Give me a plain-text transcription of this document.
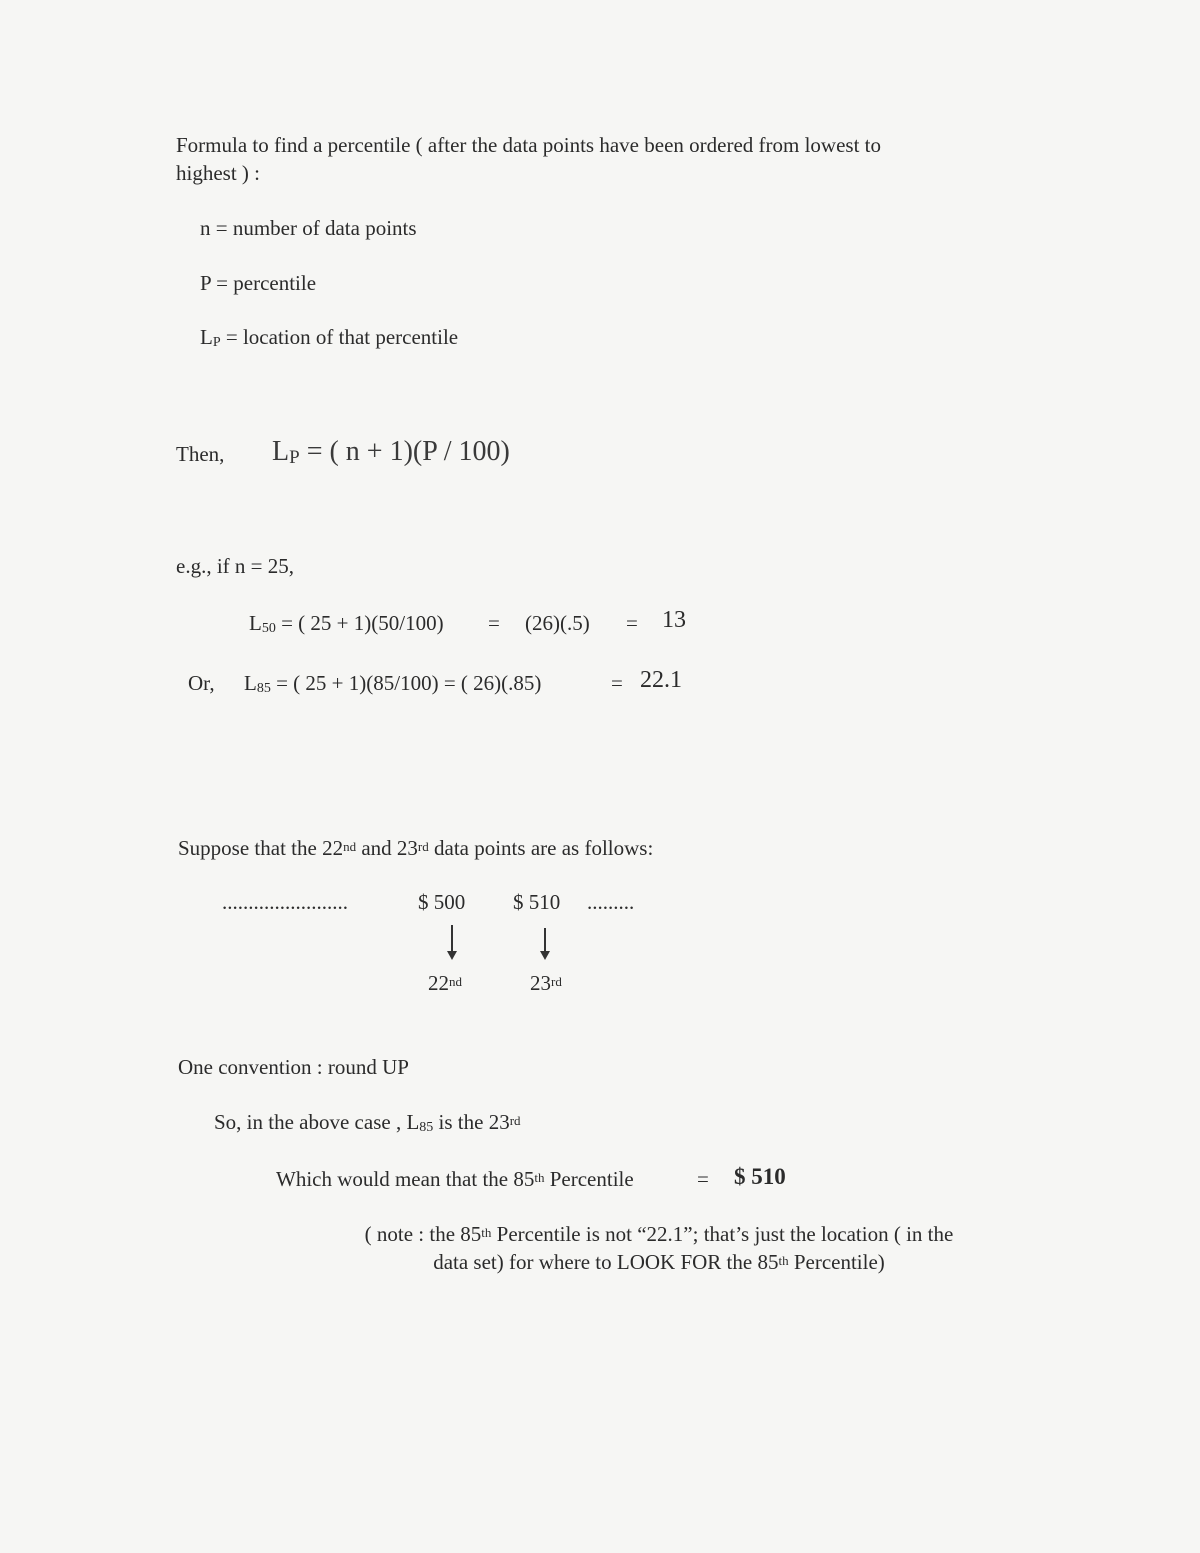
Formula to find a percentile ( after the data points have been ordered from lowest to
highest ) :
n = number of data points
P = percentile
LP = location of that percentile
Then, LP = ( n + 1)(P / 100)
e.g., if n = 25,
L50 = ( 25 + 1)(50/100) = (26)(.5) = 13
Or, L85 = ( 25 + 1)(85/100) = ( 26)(.85)	= 22.1
Suppose that the 22nd and 23rd data points are as follows:
........................	$ 500 $ 510 .........
22nd	23rd
One convention : round UP
So, in the above case , L85 is the 23rd
Which would mean that the 85th Percentile	= $ 510
( note : the 85th Percentile is not “22.1”; that’s just the location ( in the
data set) for where to LOOK FOR the 85th Percentile)
